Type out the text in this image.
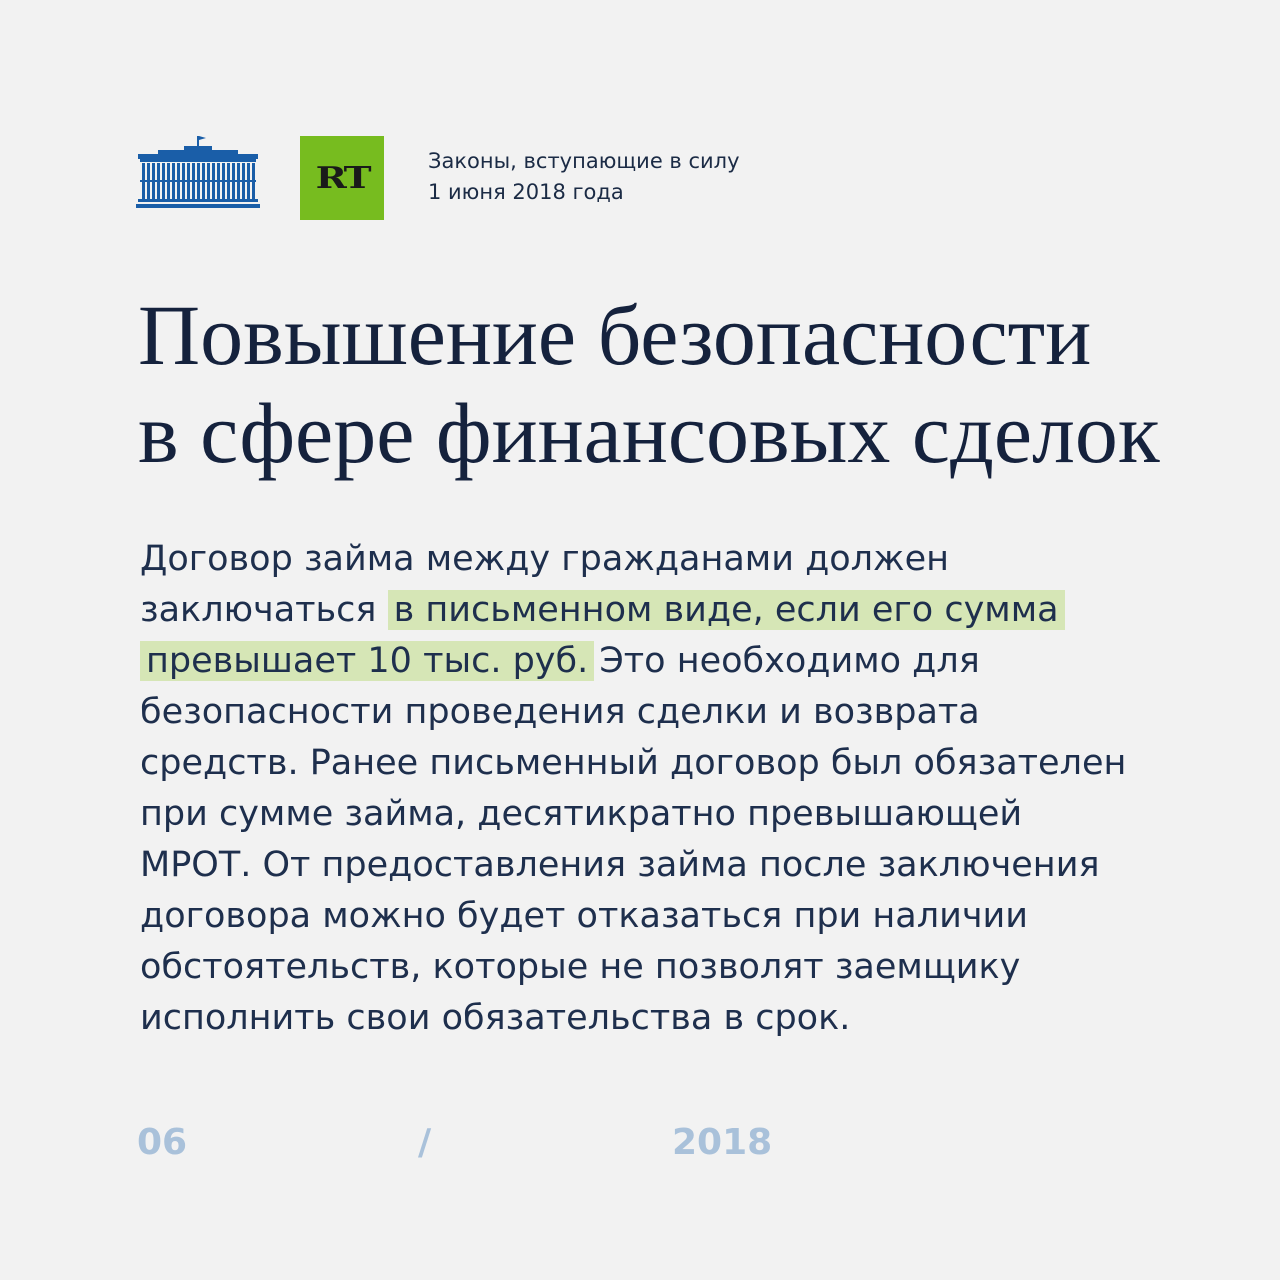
RT	Законы, вступающие в силу
1 июня 2018 года
Повышение безопасности
в сфере финансовых сделок
Договор займа между гражданами должен
заключаться в письменном виде, если его сумма
превышает 10 тыс. руб. Это необходимо для
безопасности проведения сделки и возврата
средств. Ранее письменный договор был обязателен
при сумме займа, десятикратно превышающей
МРОТ. От предоставления займа после заключения
договора можно будет отказаться при наличии
обстоятельств, которые не позволят заемщику
исполнить свои обязательства в срок.
06	/	2018
